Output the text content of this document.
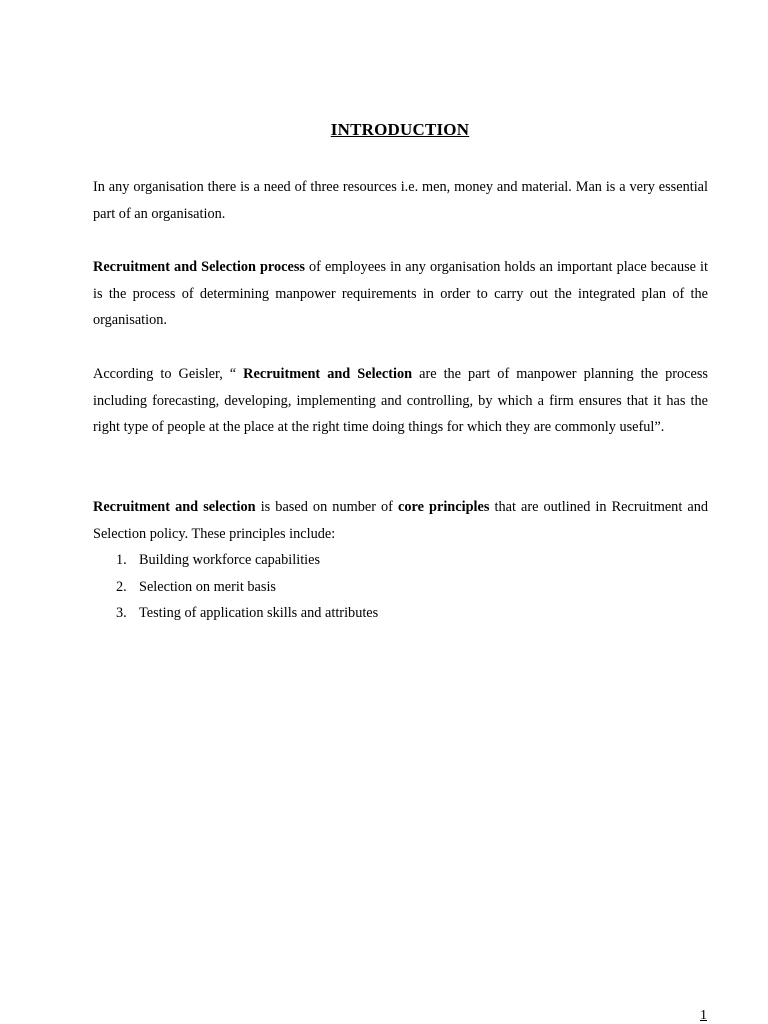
INTRODUCTION

In any organisation there is a need of three resources i.e. men, money and material. Man is a very essential part of an organisation.

Recruitment and Selection process of employees in any organisation holds an important place because it is the process of determining manpower requirements in order to carry out the integrated plan of the organisation.

According to Geisler, “ Recruitment and Selection are the part of manpower planning the process including forecasting, developing, implementing and controlling, by which a firm ensures that it has the right type of people at the place at the right time doing things for which they are commonly useful”.

Recruitment and selection is based on number of core principles that are outlined in Recruitment and Selection policy. These principles include:

1. Building workforce capabilities
2. Selection on merit basis
3. Testing of application skills and attributes
1
